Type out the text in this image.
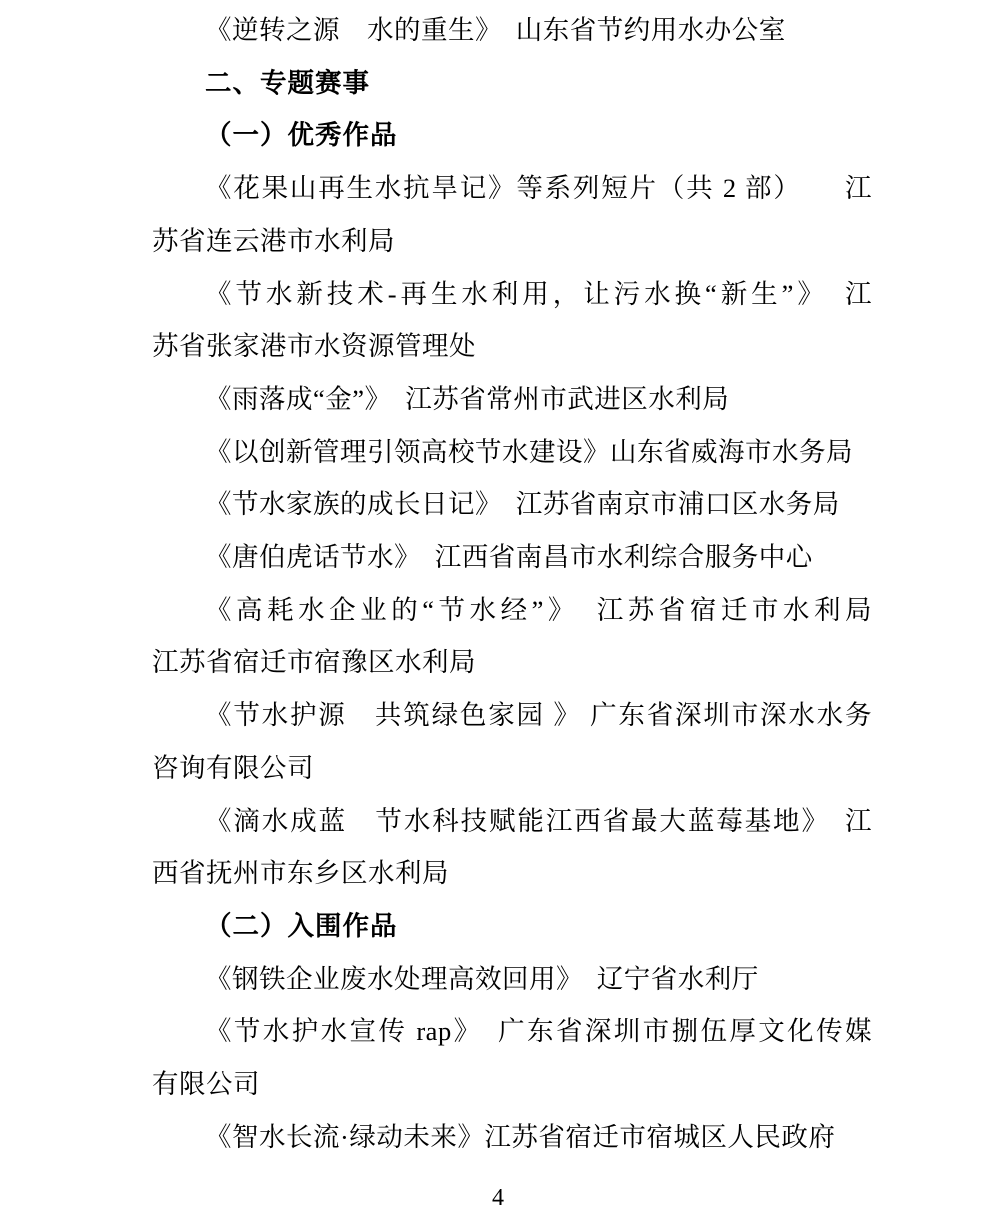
《逆转之源　水的重生》　山东省节约用水办公室
二、专题赛事
（一）优秀作品
《花果山再生水抗旱记》等系列短片（共 2 部）　　江
苏省连云港市水利局
《节水新技术-再生水利用，让污水换“新生”》　江
苏省张家港市水资源管理处
《雨落成“金”》　江苏省常州市武进区水利局
《以创新管理引领高校节水建设》山东省威海市水务局
《节水家族的成长日记》　江苏省南京市浦口区水务局
《唐伯虎话节水》　江西省南昌市水利综合服务中心
《高耗水企业的“节水经”》　江苏省宿迁市水利局
江苏省宿迁市宿豫区水利局
《节水护源　共筑绿色家园 》 广东省深圳市深水水务
咨询有限公司
《滴水成蓝　节水科技赋能江西省最大蓝莓基地》　江
西省抚州市东乡区水利局
（二）入围作品
《钢铁企业废水处理高效回用》　辽宁省水利厅
《节水护水宣传 rap》　广东省深圳市捌伍厚文化传媒
有限公司
《智水长流·绿动未来》江苏省宿迁市宿城区人民政府
4
